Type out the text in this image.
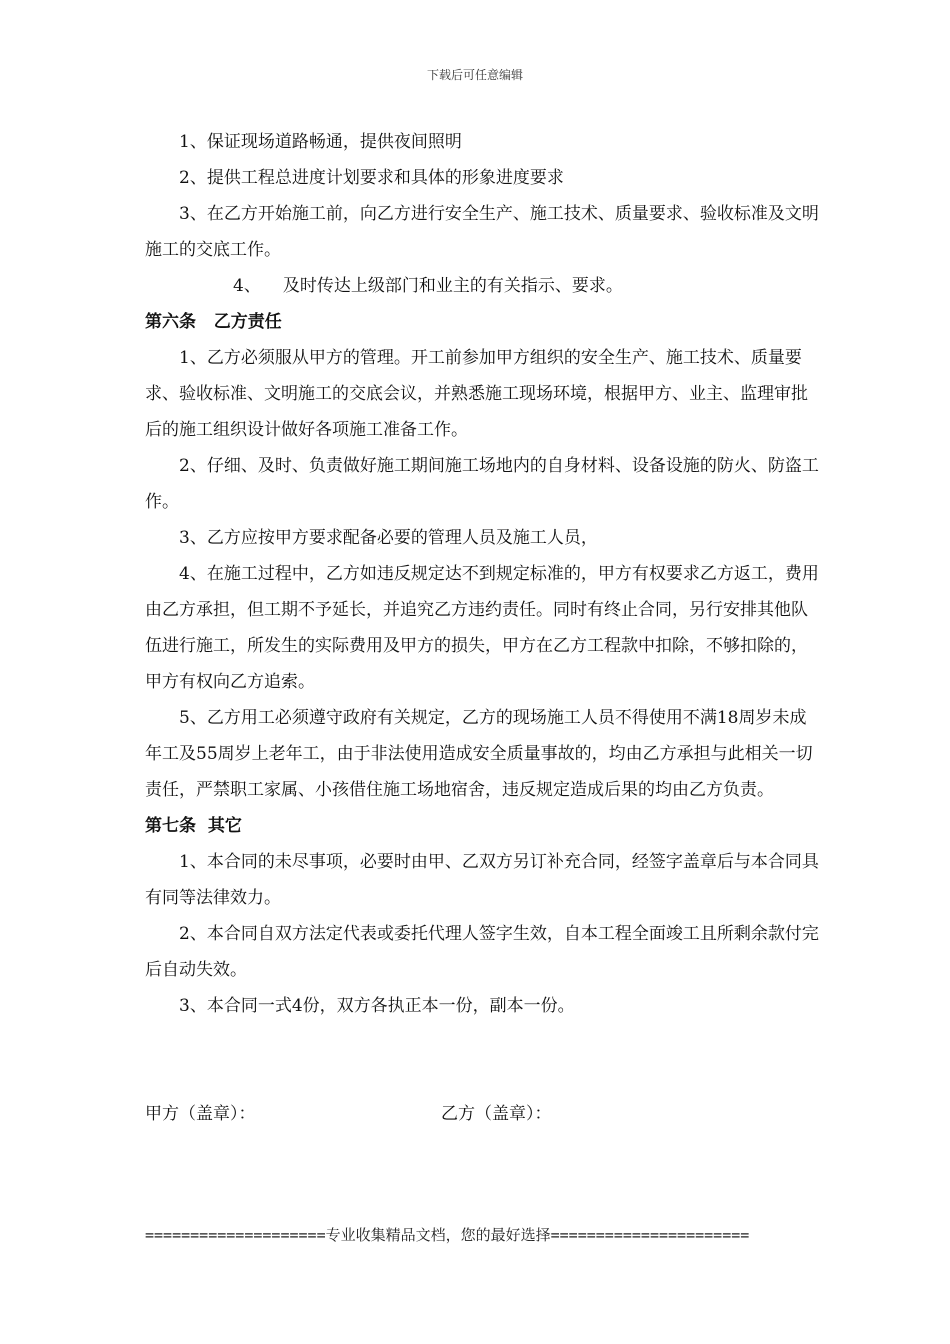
下载后可任意编辑

1、保证现场道路畅通，提供夜间照明

2、提供工程总进度计划要求和具体的形象进度要求

3、在乙方开始施工前，向乙方进行安全生产、施工技术、质量要求、验收标准及文明施工的交底工作。

4、 及时传达上级部门和业主的有关指示、要求。

第六条   乙方责任

1、乙方必须服从甲方的管理。开工前参加甲方组织的安全生产、施工技术、质量要求、验收标准、文明施工的交底会议，并熟悉施工现场环境，根据甲方、业主、监理审批后的施工组织设计做好各项施工准备工作。

2、仔细、及时、负责做好施工期间施工场地内的自身材料、设备设施的防火、防盗工作。

3、乙方应按甲方要求配备必要的管理人员及施工人员，

4、在施工过程中，乙方如违反规定达不到规定标准的，甲方有权要求乙方返工，费用由乙方承担，但工期不予延长，并追究乙方违约责任。同时有终止合同，另行安排其他队伍进行施工，所发生的实际费用及甲方的损失，甲方在乙方工程款中扣除，不够扣除的，甲方有权向乙方追索。

5、乙方用工必须遵守政府有关规定，乙方的现场施工人员不得使用不满18周岁未成年工及55周岁上老年工，由于非法使用造成安全质量事故的，均由乙方承担与此相关一切责任，严禁职工家属、小孩借住施工场地宿舍，违反规定造成后果的均由乙方负责。

第七条  其它

1、本合同的未尽事项，必要时由甲、乙双方另订补充合同，经签字盖章后与本合同具有同等法律效力。

2、本合同自双方法定代表或委托代理人签字生效，自本工程全面竣工且所剩余款付完后自动失效。

3、本合同一式4份，双方各执正本一份，副本一份。

甲方（盖章）：	乙方（盖章）：
====================专业收集精品文档，您的最好选择======================
